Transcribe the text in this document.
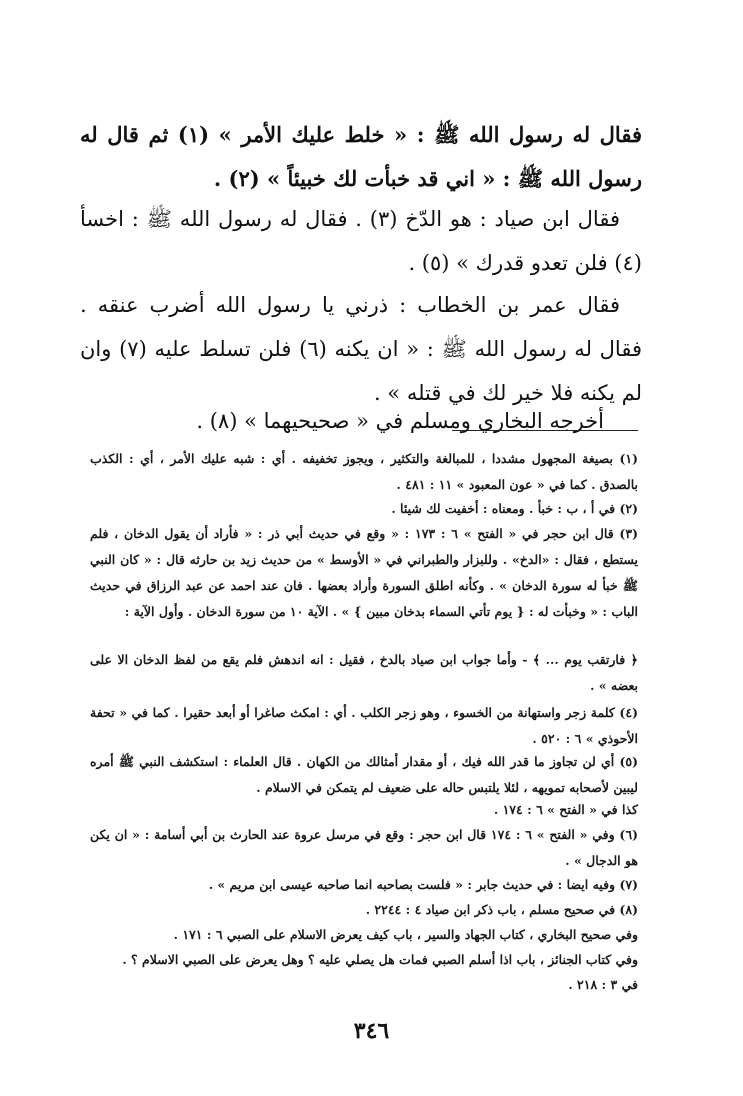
فقال له رسول الله ﷺ : « خلط عليك الأمر » (١) ثم قال له رسول الله ﷺ : « اني قد خبأت لك خبيئاً » (٢) .

فقال ابن صياد : هو الدّخ (٣) . فقال له رسول الله ﷺ : اخسأ (٤) فلن تعدو قدرك » (٥) .

فقال عمر بن الخطاب : ذرني يا رسول الله أضرب عنقه . فقال له رسول الله ﷺ : « ان يكنه (٦) فلن تسلط عليه (٧) وان لم يكنه فلا خير لك في قتله » .

أخرجه البخاري ومسلم في « صحيحيهما » (٨) .

(١) بصيغة المجهول مشددا ، للمبالغة والتكثير ، ويجوز تخفيفه . أي : شبه عليك الأمر ، أي : الكذب بالصدق . كما في « عون المعبود » ١١ : ٤٨١ .
(٢) في أ ، ب : خبأ . ومعناه : أخفيت لك شيئا .
(٣) قال ابن حجر في « الفتح » ٦ : ١٧٣ : « وقع في حديث أبي ذر : « فأراد أن يقول الدخان ، فلم يستطع ، فقال : «الدخ» . وللبزار والطبراني في « الأوسط » من حديث زيد بن حارثه قال : « كان النبي ﷺ خبأ له سورة الدخان » . وكأنه اطلق السورة وأراد بعضها . فان عند احمد عن عبد الرزاق في حديث الباب : « وخبأت له : { يوم تأتي السماء بدخان مبين } » . الآية ١٠ من سورة الدخان . وأول الآية :
﴿ فارتقب يوم ... ﴾ - وأما جواب ابن صياد بالدخ ، فقيل : انه اندهش فلم يقع من لفظ الدخان الا على بعضه » .
(٤) كلمة زجر واستهانة من الخسوء ، وهو زجر الكلب . أي : امكث صاغرا أو أبعد حقيرا . كما في « تحفة الأحوذي » ٦ : ٥٢٠ .
(٥) أي لن تجاوز ما قدر الله فيك ، أو مقدار أمثالك من الكهان . قال العلماء : استكشف النبي ﷺ أمره ليبين لأصحابه تمويهه ، لئلا يلتبس حاله على ضعيف لم يتمكن في الاسلام .
كذا في « الفتح » ٦ : ١٧٤ .
(٦) وفي « الفتح » ٦ : ١٧٤ قال ابن حجر : وقع في مرسل عروة عند الحارث بن أبي أسامة : « ان يكن هو الدجال » .
(٧) وفيه ايضا : في حديث جابر : « فلست بصاحبه انما صاحبه عيسى ابن مريم » .
(٨) في صحيح مسلم ، باب ذكر ابن صياد ٤ : ٢٢٤٤ .
وفي صحيح البخاري ، كتاب الجهاد والسير ، باب كيف يعرض الاسلام على الصبي ٦ : ١٧١ .
وفي كتاب الجنائز ، باب اذا أسلم الصبي فمات هل يصلي عليه ؟ وهل يعرض على الصبي الاسلام ؟ .
في ٣ : ٢١٨ .
٣٤٦
